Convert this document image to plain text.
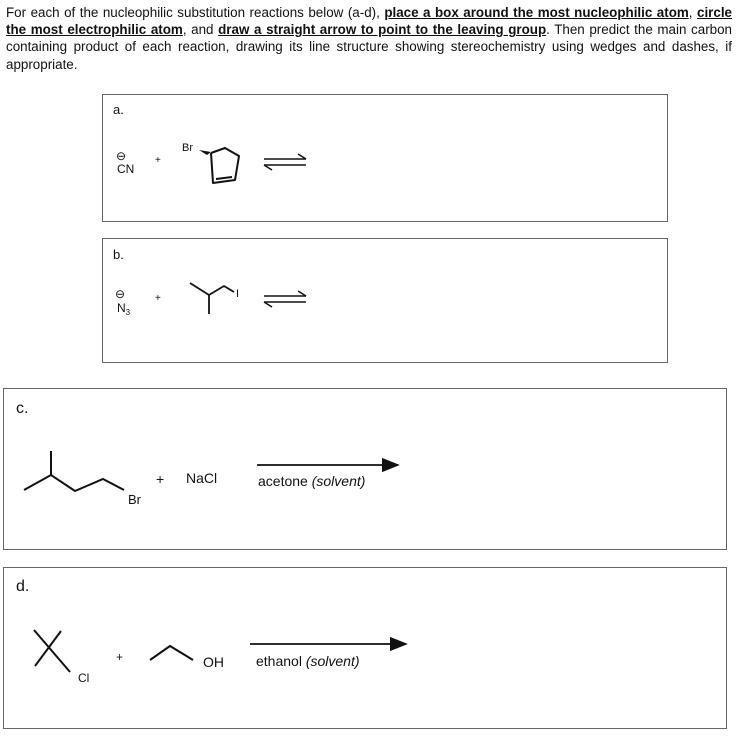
For each of the nucleophilic substitution reactions below (a-d), place a box around the most nucleophilic atom, circle the most electrophilic atom, and draw a straight arrow to point to the leaving group. Then predict the main carbon containing product of each reaction, drawing its line structure showing stereochemistry using wedges and dashes, if appropriate.
a.
b.
c.
d.
⊖
CN
+
Br
⊖
$N_3$
+	I
Br
+ NaCl	acetone (solvent)
Cl
+	OH ethanol (solvent)
